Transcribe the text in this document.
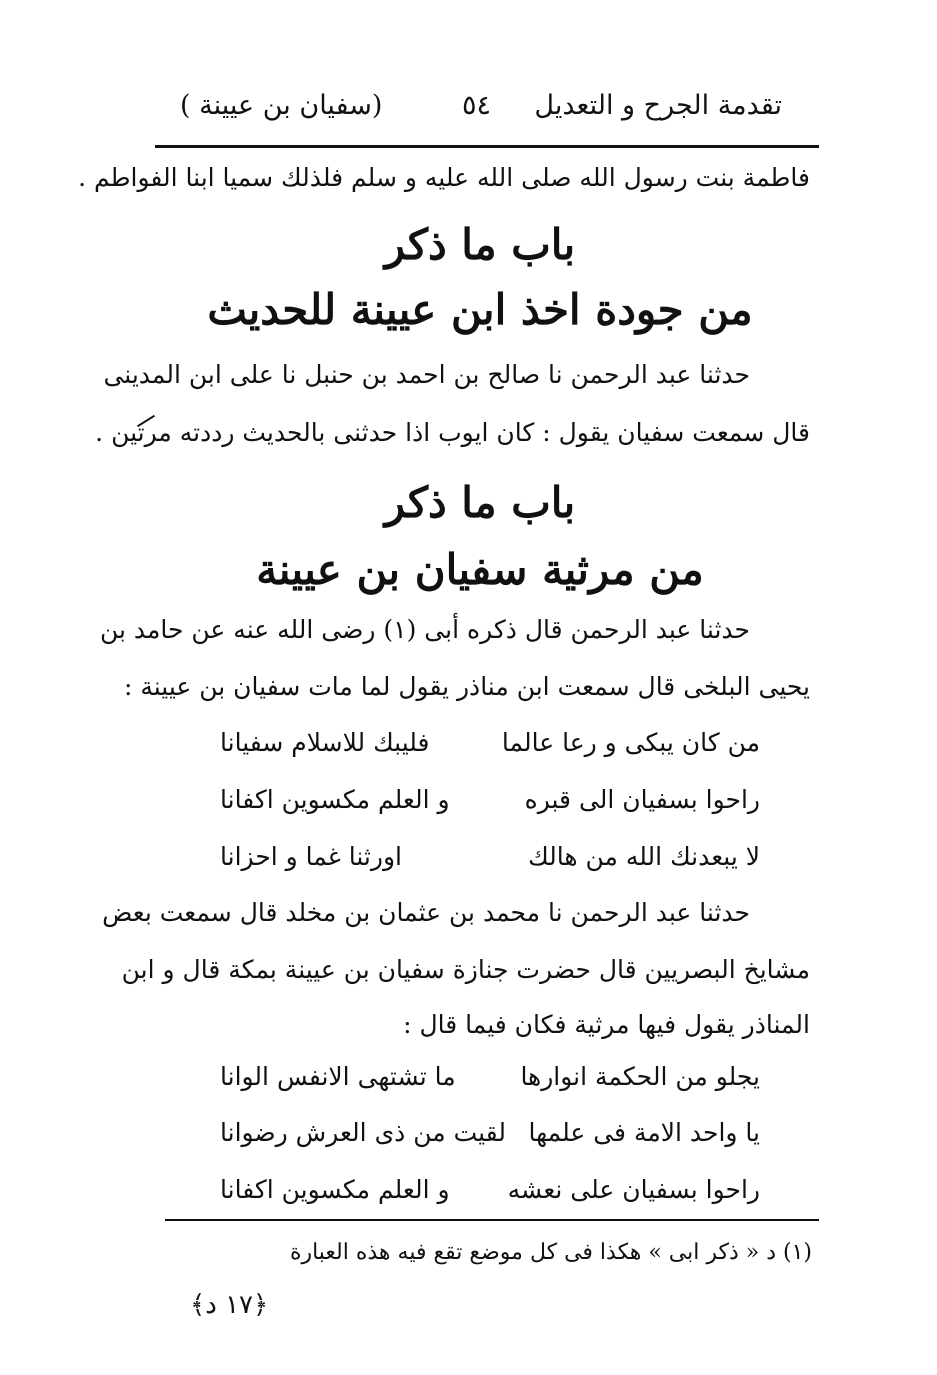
تقدمة الجرح و التعديل
٥٤
(سفيان بن عيينة )
فاطمة بنت رسول الله صلى الله عليه و سلم فلذلك سميا ابنا الفواطم .
باب ما ذكر
من جودة اخذ ابن عيينة للحديث
حدثنا عبد الرحمن نا صالح بن احمد بن حنبل نا على ابن المدينى
قال سمعت سفيان يقول : كان ايوب اذا حدثنى بالحديث رددته مرتين .
باب ما ذكر
من مرثية سفيان بن عيينة
حدثنا عبد الرحمن قال ذكره أبى (١) رضى الله عنه عن حامد بن
يحيى البلخى قال سمعت ابن مناذر يقول لما مات سفيان بن عيينة :
من كان يبكى و رعا عالما
فليبك للاسلام سفيانا
راحوا بسفيان الى قبره
و العلم مكسوين اكفانا
لا يبعدنك الله من هالك
اورثنا غما و احزانا
حدثنا عبد الرحمن نا محمد بن عثمان بن مخلد قال سمعت بعض
مشايخ البصريين قال حضرت جنازة سفيان بن عيينة بمكة قال و ابن
المناذر يقول فيها مرثية فكان فيما قال :
يجلو من الحكمة انوارها
ما تشتهى الانفس الوانا
يا واحد الامة فى علمها
لقيت من ذى العرش رضوانا
راحوا بسفيان على نعشه
و العلم مكسوين اكفانا
(١) د « ذكر ابى » هكذا فى كل موضع تقع فيه هذه العبارة
﴿١٧ د﴾
